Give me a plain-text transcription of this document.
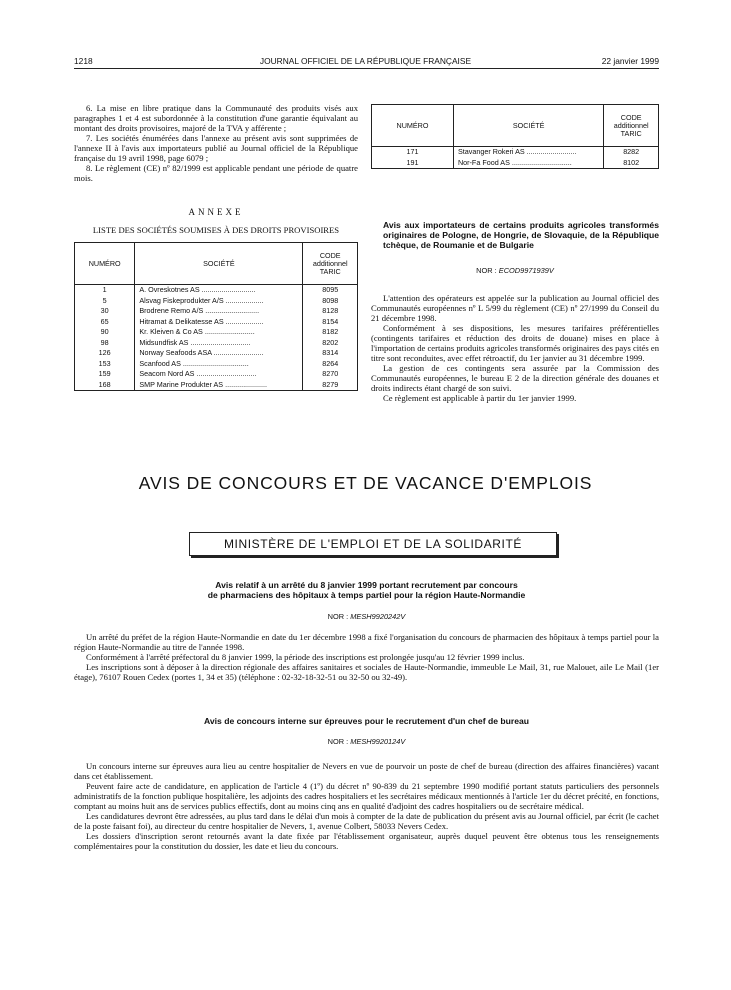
1218	JOURNAL OFFICIEL DE LA RÉPUBLIQUE FRANÇAISE	22 janvier 1999

6. La mise en libre pratique dans la Communauté des produits visés aux paragraphes 1 et 4 est subordonnée à la constitution d'une garantie équivalant au montant des droits provisoires, majoré de la TVA y afférente ;

7. Les sociétés énumérées dans l'annexe au présent avis sont supprimées de l'annexe II à l'avis aux importateurs publié au Journal officiel de la République française du 19 avril 1998, page 6079 ;

8. Le règlement (CE) nº 82/1999 est applicable pendant une période de quatre mois.

ANNEXE
LISTE DES SOCIÉTÉS SOUMISES À DES DROITS PROVISOIRES
NUMÉRO	SOCIÉTÉ	CODE additionnel TARIC
1	A. Ovreskotnes AS ...........................	8095
5	Alsvag Fiskeprodukter A/S ...................	8098
30	Brodrene Remo A/S ...........................	8128
65	Hitramat & Delikatesse AS ...................	8154
90	Kr. Kleiven & Co AS .........................	8182
98	Midsundfisk AS ..............................	8202
126	Norway Seafoods ASA .........................	8314
153	Scanfood AS .................................	8264
159	Seacom Nord AS ..............................	8270
168	SMP Marine Produkter AS .....................	8279
NUMÉRO	SOCIÉTÉ	CODE additionnel TARIC
171	Stavanger Rokeri AS .........................	8282
191	Nor-Fa Food AS ..............................	8102
Avis aux importateurs de certains produits agricoles transformés originaires de Pologne, de Hongrie, de Slovaquie, de la République tchèque, de Roumanie et de Bulgarie
NOR : ECOD9971939V

L'attention des opérateurs est appelée sur la publication au Journal officiel des Communautés européennes nº L 5/99 du règlement (CE) nº 27/1999 du Conseil du 21 décembre 1998.

Conformément à ses dispositions, les mesures tarifaires préférentielles (contingents tarifaires et réduction des droits de douane) mises en place à l'importation de certains produits agricoles transformés originaires des pays cités en titre sont reconduites, avec effet rétroactif, du 1er janvier au 31 décembre 1999.

La gestion de ces contingents sera assurée par la Commission des Communautés européennes, le bureau E 2 de la direction générale des douanes et droits indirects étant chargé de son suivi.

Ce règlement est applicable à partir du 1er janvier 1999.

AVIS DE CONCOURS ET DE VACANCE D'EMPLOIS
MINISTÈRE DE L'EMPLOI ET DE LA SOLIDARITÉ
Avis relatif à un arrêté du 8 janvier 1999 portant recrutement par concours
de pharmaciens des hôpitaux à temps partiel pour la région Haute-Normandie
NOR : MESH9920242V

Un arrêté du préfet de la région Haute-Normandie en date du 1er décembre 1998 a fixé l'organisation du concours de pharmacien des hôpitaux à temps partiel pour la région Haute-Normandie au titre de l'année 1998.

Conformément à l'arrêté préfectoral du 8 janvier 1999, la période des inscriptions est prolongée jusqu'au 12 février 1999 inclus.

Les inscriptions sont à déposer à la direction régionale des affaires sanitaires et sociales de Haute-Normandie, immeuble Le Mail, 31, rue Malouet, aile Le Mail (1er étage), 76107 Rouen Cedex (portes 1, 34 et 35) (téléphone : 02-32-18-32-51 ou 32-50 ou 32-49).

Avis de concours interne sur épreuves pour le recrutement d'un chef de bureau
NOR : MESH9920124V

Un concours interne sur épreuves aura lieu au centre hospitalier de Nevers en vue de pourvoir un poste de chef de bureau (direction des affaires financières) vacant dans cet établissement.

Peuvent faire acte de candidature, en application de l'article 4 (1º) du décret nº 90-839 du 21 septembre 1990 modifié portant statuts particuliers des personnels administratifs de la fonction publique hospitalière, les adjoints des cadres hospitaliers et les secrétaires médicaux mentionnés à l'article 1er du décret précité, en fonctions, comptant au moins huit ans de services publics effectifs, dont au moins cinq ans en qualité d'adjoint des cadres hospitaliers ou de secrétaire médical.

Les candidatures devront être adressées, au plus tard dans le délai d'un mois à compter de la date de publication du présent avis au Journal officiel, par écrit (le cachet de la poste faisant foi), au directeur du centre hospitalier de Nevers, 1, avenue Colbert, 58033 Nevers Cedex.

Les dossiers d'inscription seront retournés avant la date fixée par l'établissement organisateur, auprès duquel peuvent être obtenus tous les renseignements complémentaires pour la constitution du dossier, les date et lieu du concours.
